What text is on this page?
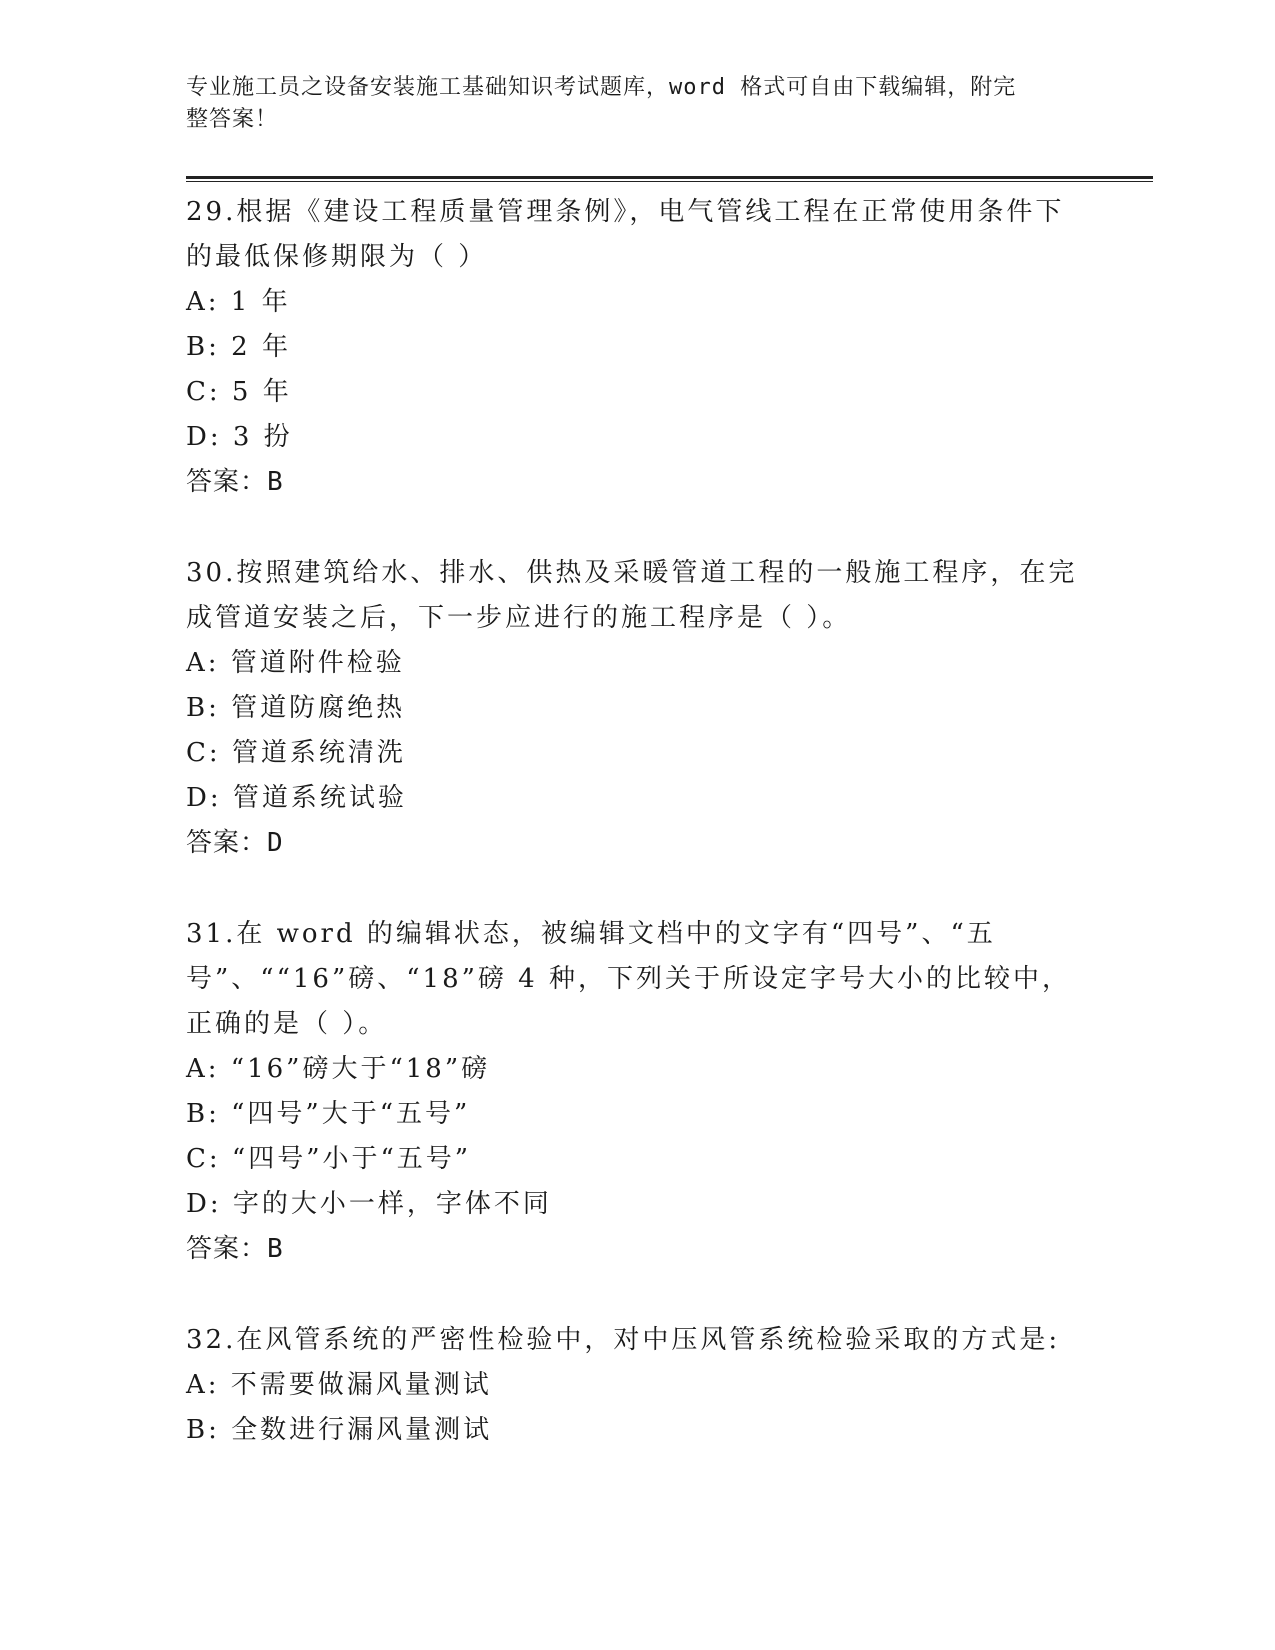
专业施工员之设备安装施工基础知识考试题库，word 格式可自由下载编辑，附完
整答案！
29.根据《建设工程质量管理条例》，电气管线工程在正常使用条件下的最低保修期限为（ ）
A: 1 年
B: 2 年
C: 5 年
D: 3 扮
答案：B
30.按照建筑给水、排水、供热及采暖管道工程的一般施工程序，在完成管道安装之后，下一步应进行的施工程序是（ ）。
A: 管道附件检验
B: 管道防腐绝热
C: 管道系统清洗
D: 管道系统试验
答案：D
31.在 word 的编辑状态，被编辑文档中的文字有“四号”、“五号”、““16”磅、“18”磅 4 种，下列关于所设定字号大小的比较中，正确的是（ ）。
A: “16”磅大于“18”磅
B: “四号”大于“五号”
C: “四号”小于“五号”
D: 字的大小一样，字体不同
答案：B
32.在风管系统的严密性检验中，对中压风管系统检验采取的方式是:
A: 不需要做漏风量测试
B: 全数进行漏风量测试
